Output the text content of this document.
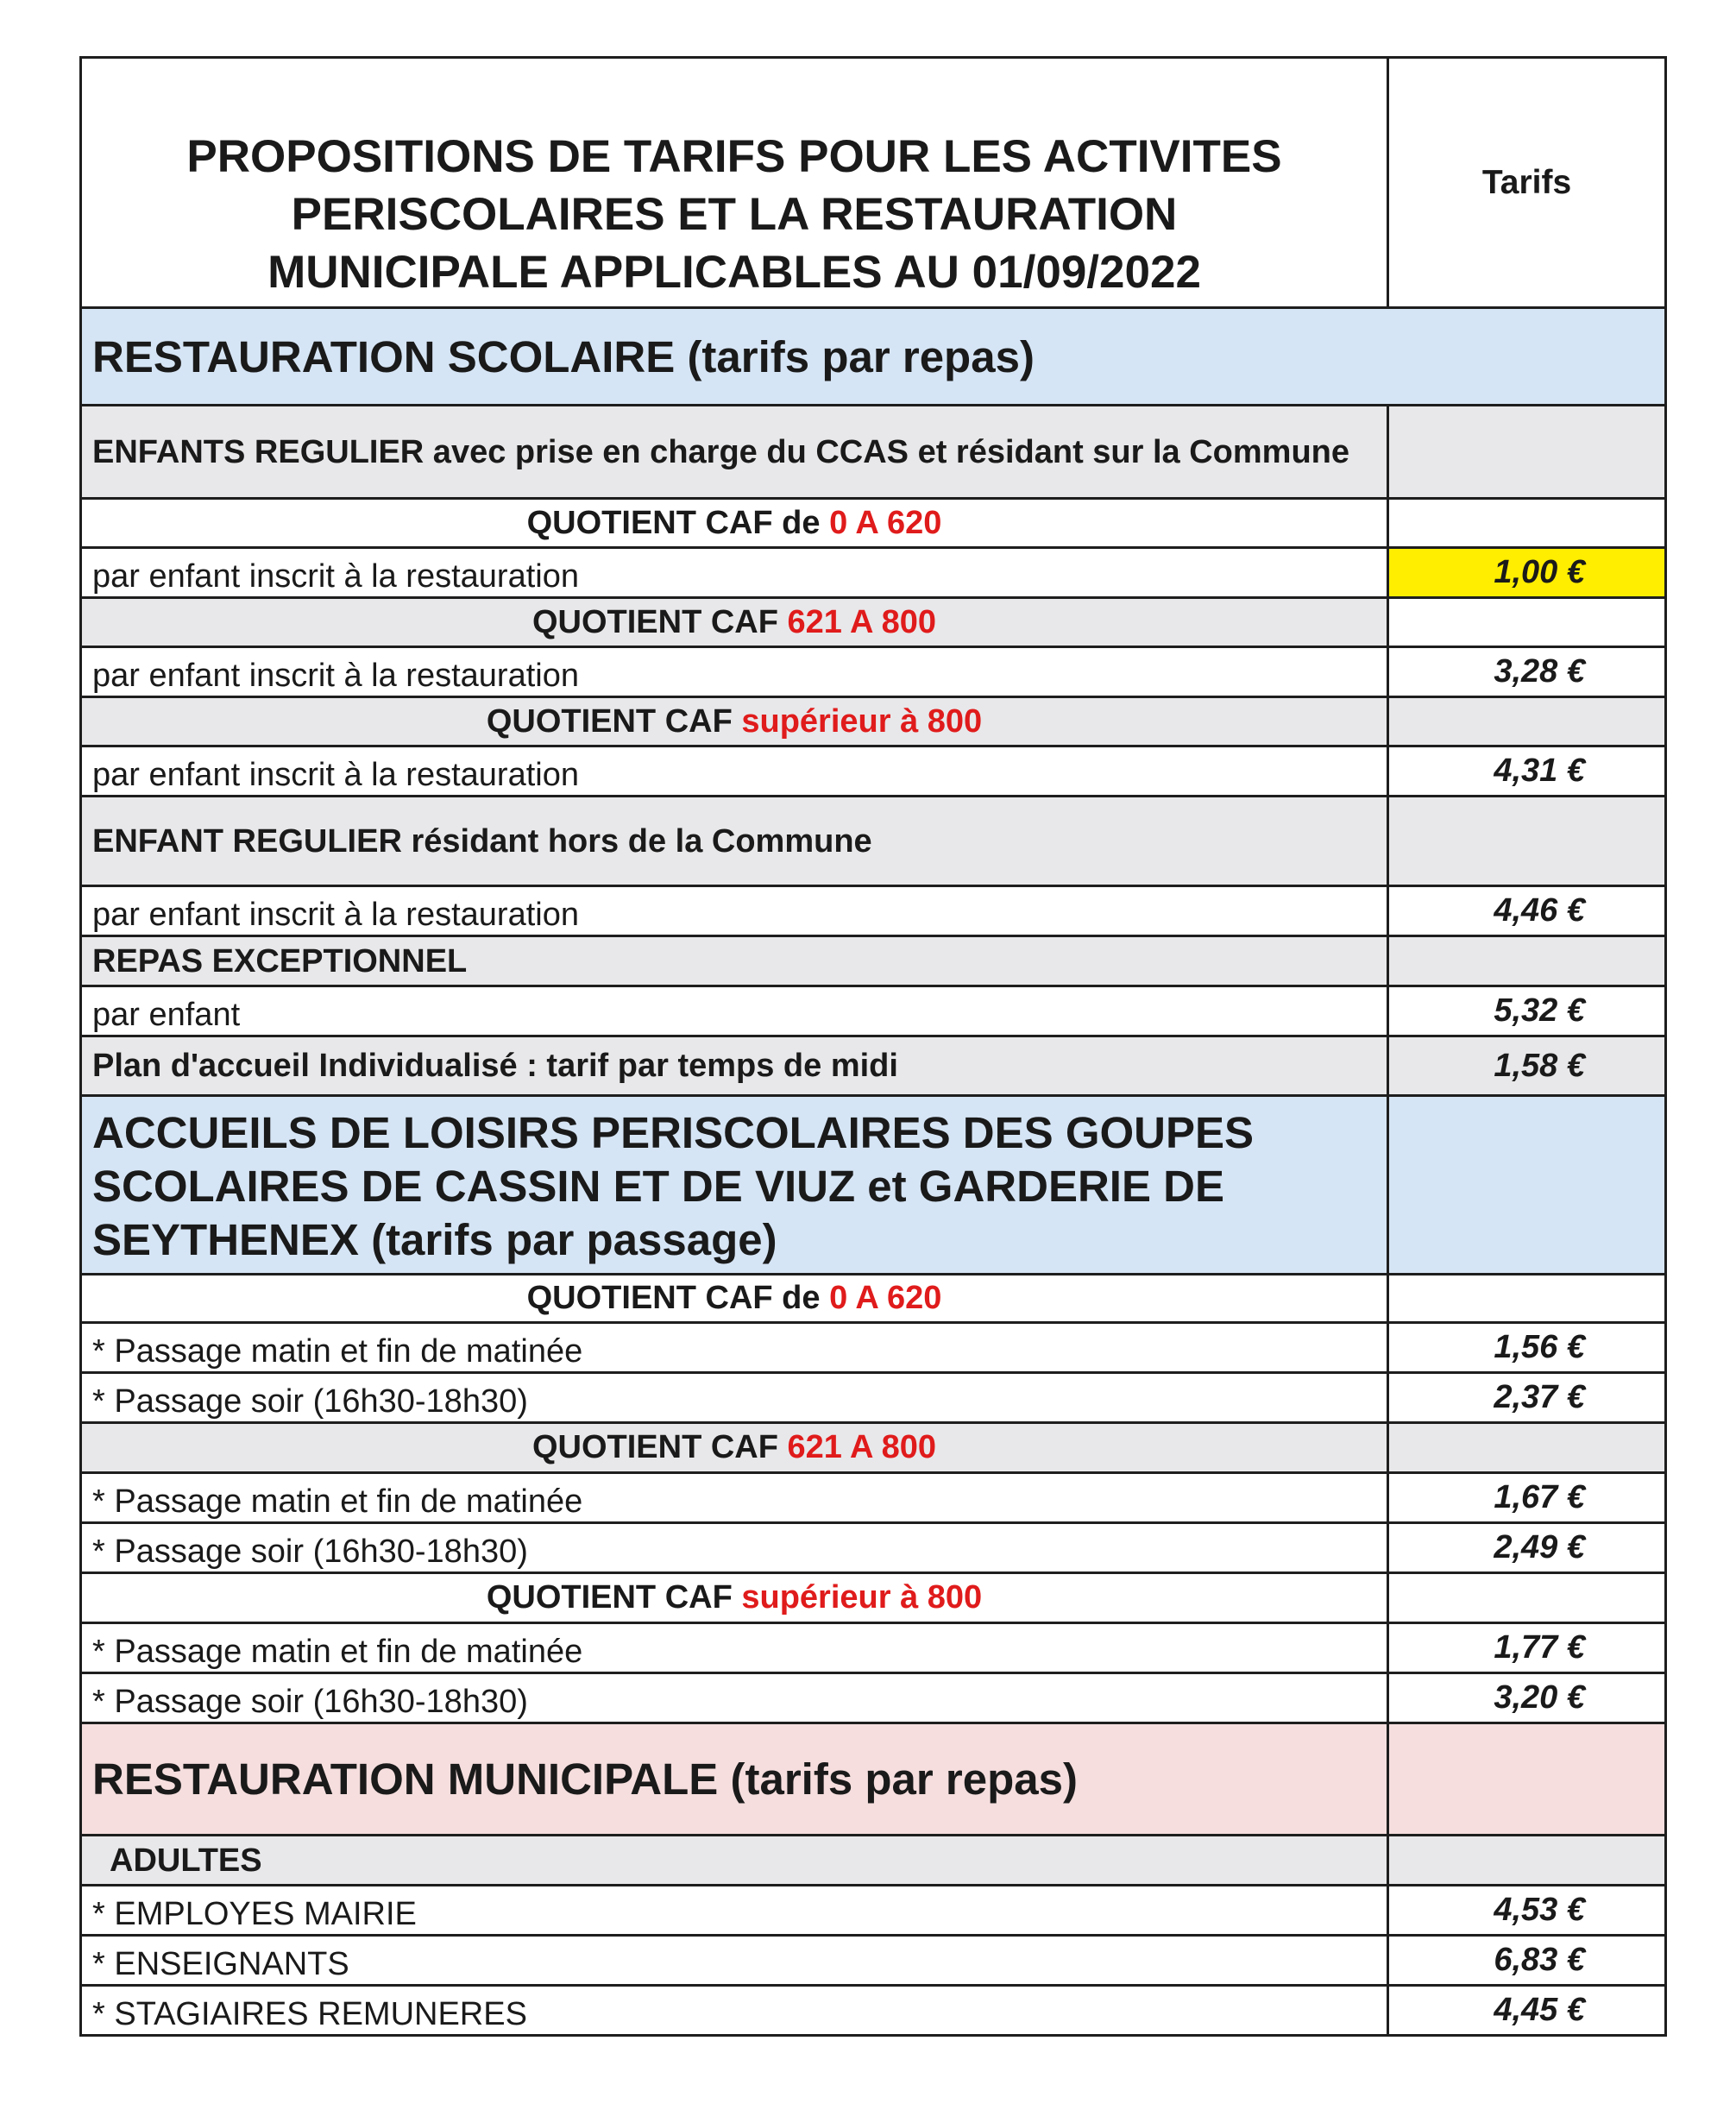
PROPOSITIONS DE TARIFS POUR LES ACTIVITES
PERISCOLAIRES ET LA RESTAURATION
MUNICIPALE APPLICABLES AU 01/09/2022	Tarifs
RESTAURATION SCOLAIRE (tarifs par repas)	
ENFANTS REGULIER avec prise en charge du CCAS et résidant sur la Commune	
QUOTIENT CAF de 0 A 620	
par enfant inscrit à la restauration	1,00 €
QUOTIENT CAF 621 A 800	
par enfant inscrit à la restauration	3,28 €
QUOTIENT CAF supérieur à 800	
par enfant inscrit à la restauration	4,31 €
ENFANT REGULIER résidant hors de la Commune	
par enfant inscrit à la restauration	4,46 €
REPAS EXCEPTIONNEL	
par enfant	5,32 €
Plan d'accueil Individualisé : tarif par temps de midi	1,58 €

ACCUEILS DE LOISIRS PERISCOLAIRES DES GOUPES
SCOLAIRES DE CASSIN ET DE VIUZ et GARDERIE DE
SEYTHENEX (tarifs par passage)	

QUOTIENT CAF de 0 A 620	
* Passage matin et fin de matinée	1,56 €
* Passage soir (16h30-18h30)	2,37 €
QUOTIENT CAF 621 A 800	
* Passage matin et fin de matinée	1,67 €
* Passage soir (16h30-18h30)	2,49 €
QUOTIENT CAF supérieur à 800	
* Passage matin et fin de matinée	1,77 €
* Passage soir (16h30-18h30)	3,20 €
RESTAURATION MUNICIPALE (tarifs par repas)	
ADULTES	
* EMPLOYES MAIRIE	4,53 €
* ENSEIGNANTS	6,83 €
* STAGIAIRES REMUNERES	4,45 €
